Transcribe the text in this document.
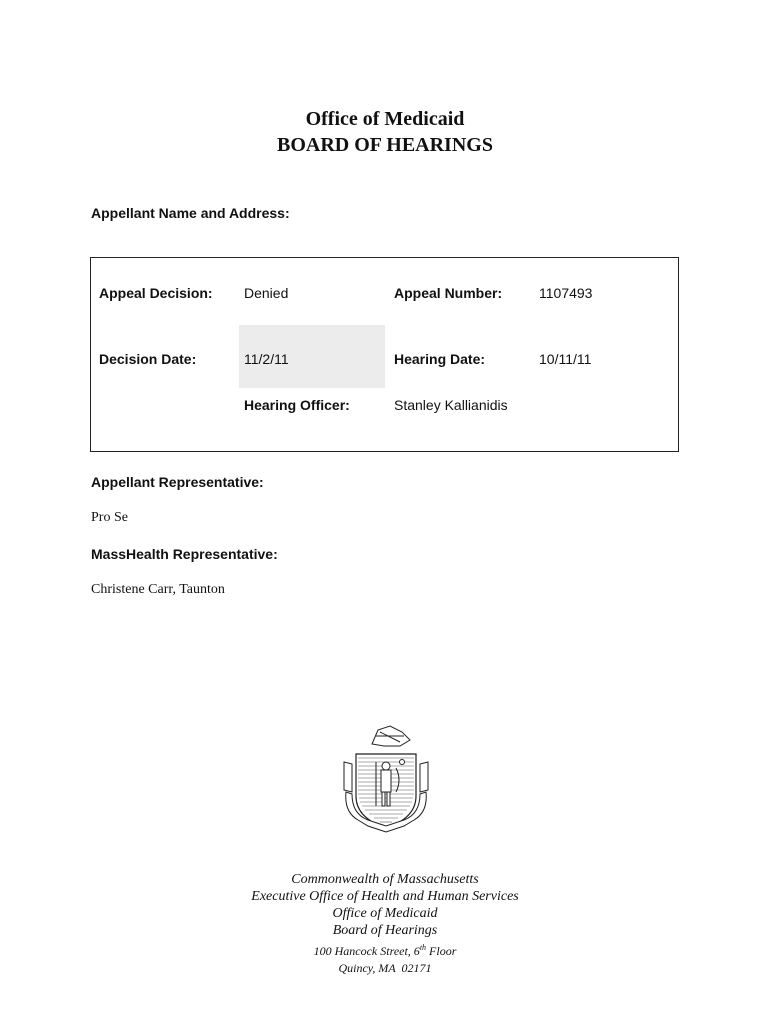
Office of Medicaid
BOARD OF HEARINGS
Appellant Name and Address:
Appeal Decision: Denied	Appeal Number:	1107493
Decision Date:	11/2/11	Hearing Date:	10/11/11
Hearing Officer:	Stanley Kallianidis
Appellant Representative:
Pro Se
MassHealth Representative:
Christene Carr, Taunton
Commonwealth of Massachusetts
Executive Office of Health and Human Services
Office of Medicaid
Board of Hearings
100 Hancock Street, 6th Floor
Quincy, MA  02171
